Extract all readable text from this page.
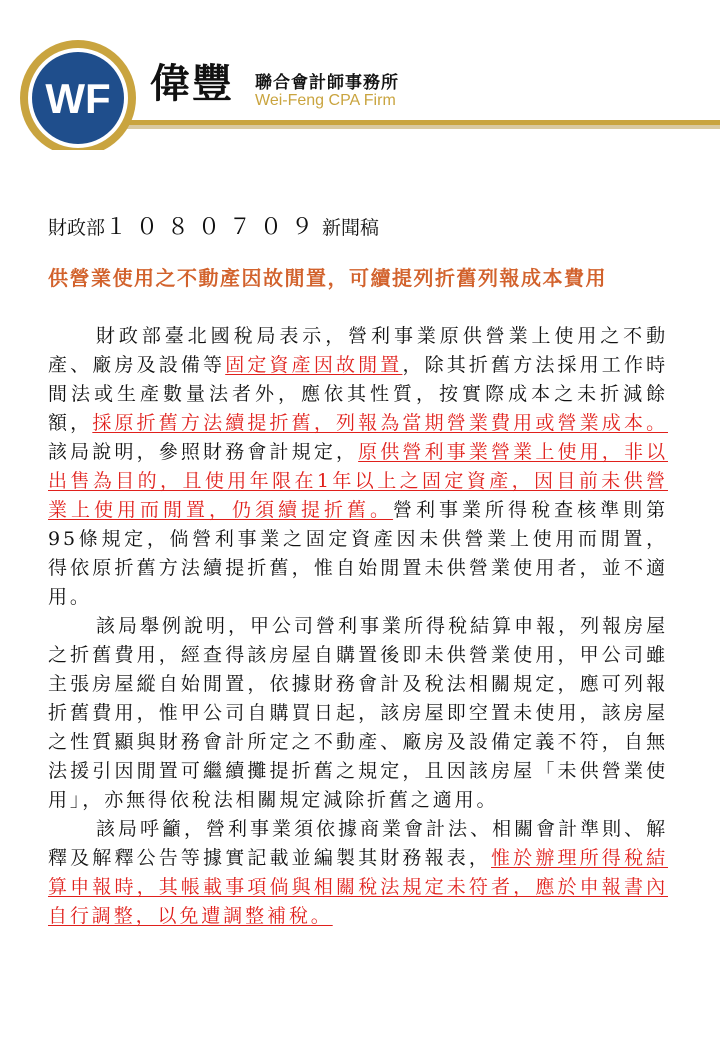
WF 偉豐 聯合會計師事務所
Wei-Feng CPA Firm
財政部１０８０７０９新聞稿
供營業使用之不動產因故閒置，可續提列折舊列報成本費用

財政部臺北國稅局表示，營利事業原供營業上使用之不動產、廠房及設備等固定資產因故閒置，除其折舊方法採用工作時間法或生產數量法者外，應依其性質，按實際成本之未折減餘額，採原折舊方法續提折舊，列報為當期營業費用或營業成本。該局說明，參照財務會計規定，原供營利事業營業上使用，非以出售為目的，且使用年限在1年以上之固定資產，因目前未供營業上使用而閒置，仍須續提折舊。營利事業所得稅查核準則第95條規定，倘營利事業之固定資產因未供營業上使用而閒置，得依原折舊方法續提折舊，惟自始閒置未供營業使用者，並不適用。

該局舉例說明，甲公司營利事業所得稅結算申報，列報房屋之折舊費用，經查得該房屋自購置後即未供營業使用，甲公司雖主張房屋縱自始閒置，依據財務會計及稅法相關規定，應可列報折舊費用，惟甲公司自購買日起，該房屋即空置未使用，該房屋之性質顯與財務會計所定之不動產、廠房及設備定義不符，自無法援引因閒置可繼續攤提折舊之規定，且因該房屋「未供營業使用」，亦無得依稅法相關規定減除折舊之適用。

該局呼籲，營利事業須依據商業會計法、相關會計準則、解釋及解釋公告等據實記載並編製其財務報表，惟於辦理所得稅結算申報時，其帳載事項倘與相關稅法規定未符者，應於申報書內自行調整，以免遭調整補稅。
